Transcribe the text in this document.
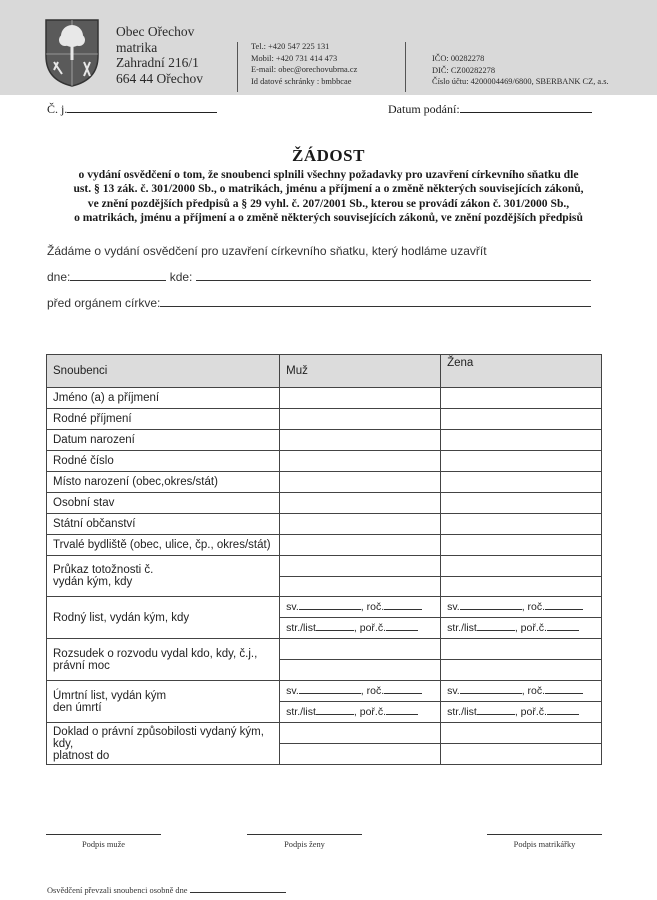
Obec Ořechov
matrika
Zahradní 216/1
664 44 Ořechov
Tel.: +420 547 225 131
Mobil: +420 731 414 473
E-mail: obec@orechovubrna.cz
Id datové schránky : bmbbcae
IČO: 00282278
DIČ: CZ00282278
Číslo účtu: 4200004469/6800, SBERBANK CZ, a.s.
Č. j.	Datum podání:
ŽÁDOST
o vydání osvědčení o tom, že snoubenci splnili všechny požadavky pro uzavření církevního sňatku dle
ust. § 13 zák. č. 301/2000 Sb., o matrikách, jménu a příjmení a o změně některých souvisejících zákonů,
ve znění pozdějších předpisů a § 29 vyhl. č. 207/2001 Sb., kterou se provádí zákon č. 301/2000 Sb.,
o matrikách, jménu a příjmení a o změně některých souvisejících zákonů, ve znění pozdějších předpisů
Žádáme o vydání osvědčení pro uzavření církevního sňatku, který hodláme uzavřít
dne:	kde:
před orgánem církve:
Snoubenci	Muž	Žena
Jméno (a) a příjmení		
Rodné příjmení		
Datum narození		
Rodné číslo		
Místo narození (obec,okres/stát)		
Osobní stav		
Státní občanství		
Trvalé bydliště (obec, ulice, čp., okres/stát)		

Průkaz totožnosti č.
vydán kým, kdy		

Rodný list, vydán kým, kdy	sv. , roč.	sv. , roč.
	str./list , poř.č.	str./list , poř.č.

Rozsudek o rozvodu vydal kdo, kdy, č.j.,
právní moc		

Úmrtní list, vydán kým
den úmrtí	sv. , roč.	sv. , roč.
	str./list , poř.č.	str./list , poř.č.

Doklad o právní způsobilosti vydaný kým, kdy,
platnost do		

Podpis muže	Podpis ženy	Podpis matrikářky
Osvědčení převzali snoubenci osobně dne
